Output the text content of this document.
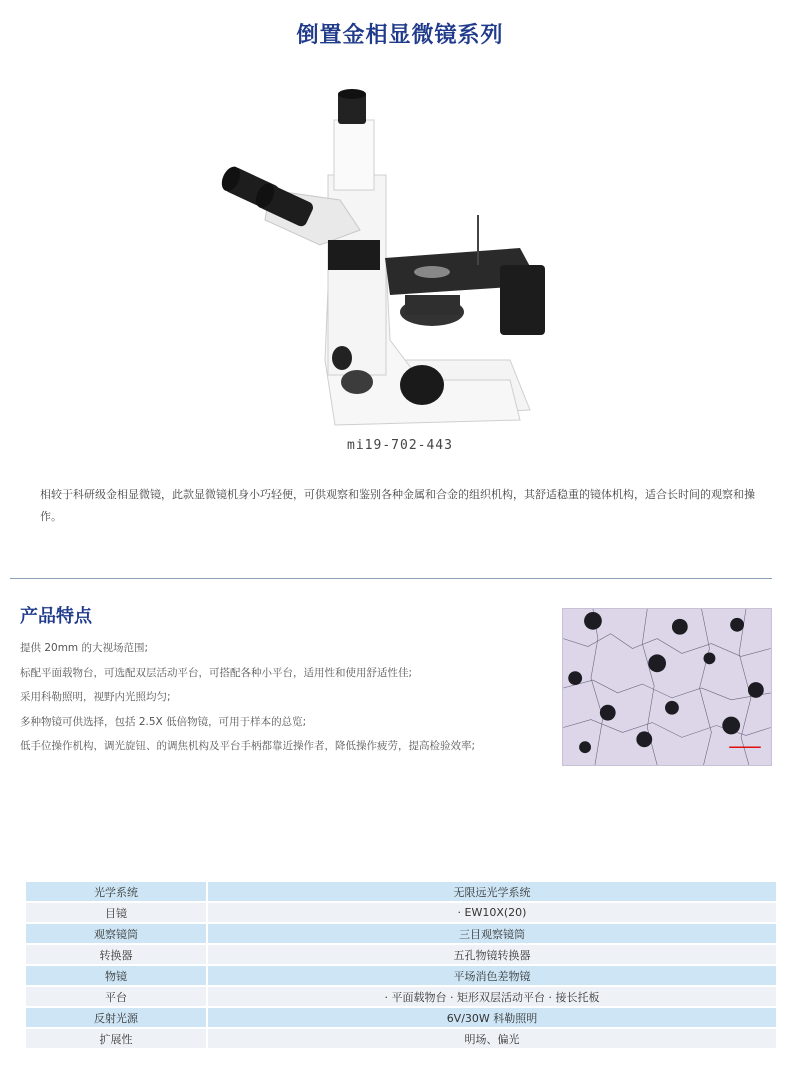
倒置金相显微镜系列
mi19-702-443

相较于科研级金相显微镜，此款显微镜机身小巧轻便，可供观察和鉴别各种金属和合金的组织机构，其舒适稳重的镜体机构，适合长时间的观察和操作。

产品特点
提供 20mm 的大视场范围;
标配平面载物台，可选配双层活动平台，可搭配各种小平台，适用性和使用舒适性佳;
采用科勒照明，视野内光照均匀;
多种物镜可供选择，包括 2.5X 低倍物镜，可用于样本的总览;
低手位操作机构，调光旋钮、的调焦机构及平台手柄都靠近操作者，降低操作疲劳，提高检验效率;
光学系统	无限远光学系统
目镜	· EW10X(20)
观察镜筒	三目观察镜筒
转换器	五孔物镜转换器
物镜	平场消色差物镜
平台	· 平面载物台 · 矩形双层活动平台 · 接长托板
反射光源	6V/30W 科勒照明
扩展性	明场、偏光
